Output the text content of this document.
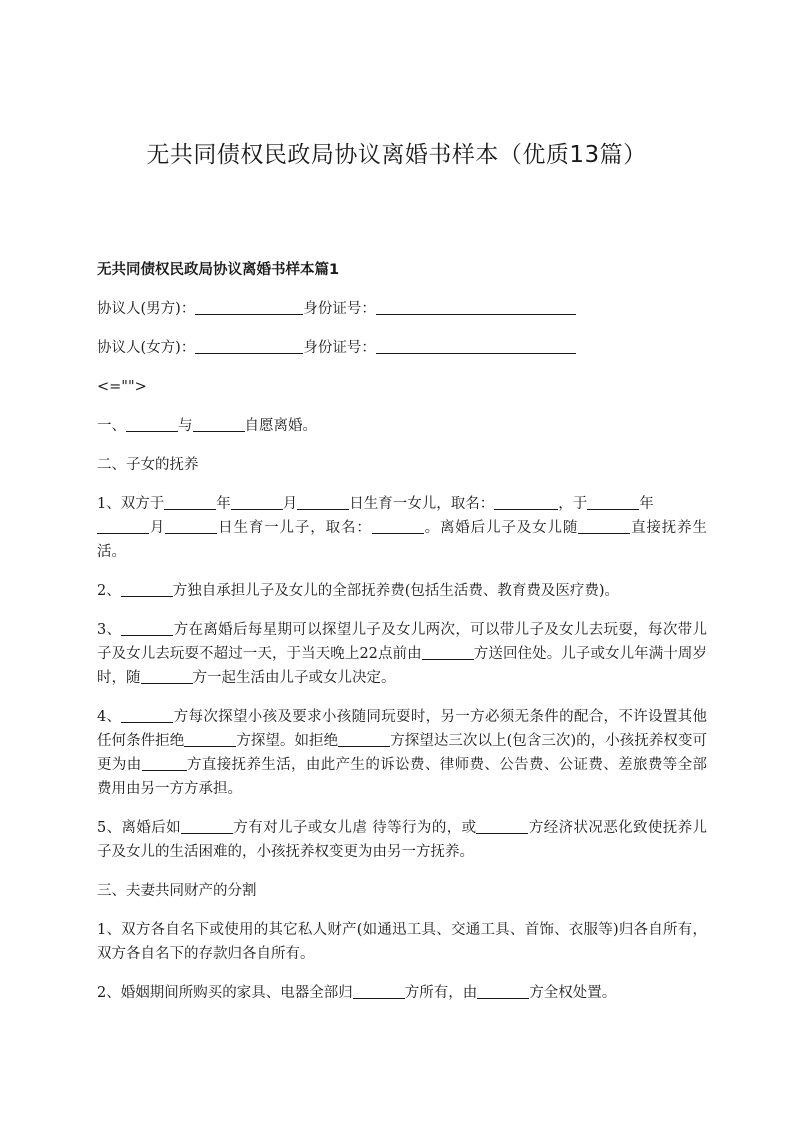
无共同债权民政局协议离婚书样本（优质13篇）
无共同债权民政局协议离婚书样本篇1
协议人(男方)：	身份证号：
协议人(女方)：	身份证号：
<="">
一、	与	自愿离婚。
二、子女的抚养
1、双方于	年	月	日生育一女儿，取名：	，于	年
月	日生育一儿子，取名：	。离婚后儿子及女儿随	直接抚养生活。
2、	方独自承担儿子及女儿的全部抚养费(包括生活费、教育费及医疗费)。
3、	方在离婚后每星期可以探望儿子及女儿两次，可以带儿子及女儿去玩耍，每次带儿子及女儿去玩耍不超过一天，于当天晚上22点前由	方送回住处。儿子或女儿年满十周岁时，随	方一起生活由儿子或女儿决定。
4、	方每次探望小孩及要求小孩随同玩耍时，另一方必须无条件的配合，不许设置其他任何条件拒绝	方探望。如拒绝	方探望达三次以上(包含三次)的，小孩抚养权变可更为由	方直接抚养生活，由此产生的诉讼费、律师费、公告费、公证费、差旅费等全部费用由另一方方承担。
5、离婚后如	方有对儿子或女儿虐 待等行为的，或	方经济状况恶化致使抚养儿子及女儿的生活困难的，小孩抚养权变更为由另一方抚养。
三、夫妻共同财产的分割
1、双方各自名下或使用的其它私人财产(如通迅工具、交通工具、首饰、衣服等)归各自所有，双方各自名下的存款归各自所有。
2、婚姻期间所购买的家具、电器全部归	方所有，由	方全权处置。
